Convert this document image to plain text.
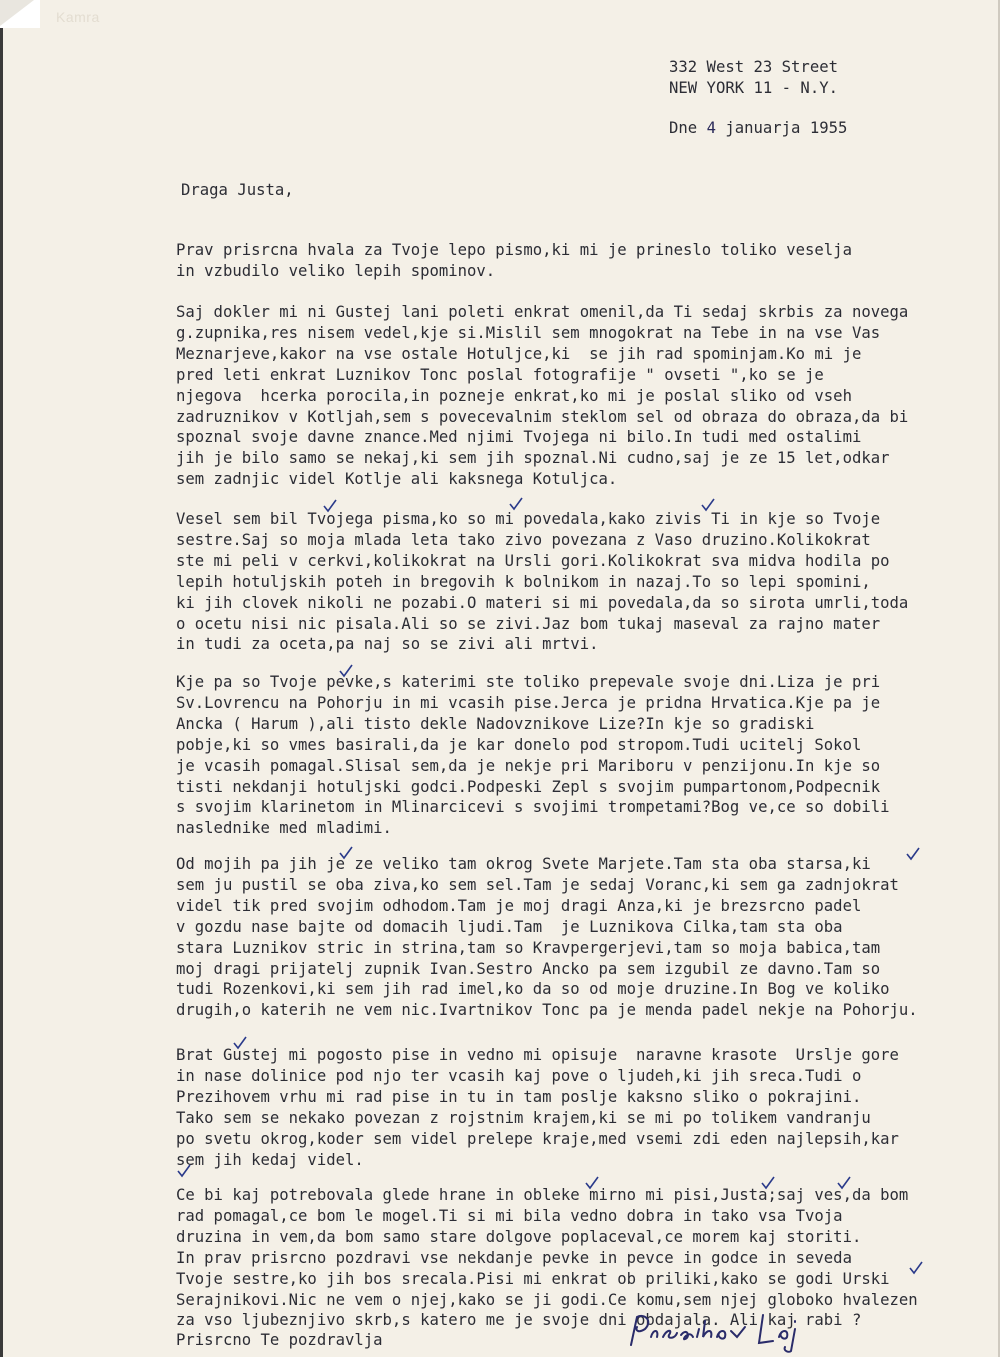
Kamra
332 West 23 Street
NEW YORK 11 - N.Y.
Dne 4 januarja 1955
Draga Justa,
Prav prisrcna hvala za Tvoje lepo pismo,ki mi je prineslo toliko veselja
in vzbudilo veliko lepih spominov.
Saj dokler mi ni Gustej lani poleti enkrat omenil,da Ti sedaj skrbis za novega
g.zupnika,res nisem vedel,kje si.Mislil sem mnogokrat na Tebe in na vse Vas
Meznarjeve,kakor na vse ostale Hotuljce,ki  se jih rad spominjam.Ko mi je
pred leti enkrat Luznikov Tonc poslal fotografije " ovseti ",ko se je
njegova  hcerka porocila,in pozneje enkrat,ko mi je poslal sliko od vseh
zadruznikov v Kotljah,sem s povecevalnim steklom sel od obraza do obraza,da bi
spoznal svoje davne znance.Med njimi Tvojega ni bilo.In tudi med ostalimi
jih je bilo samo se nekaj,ki sem jih spoznal.Ni cudno,saj je ze 15 let,odkar
sem zadnjic videl Kotlje ali kaksnega Kotuljca.
Vesel sem bil Tvojega pisma,ko so mi povedala,kako zivis Ti in kje so Tvoje
sestre.Saj so moja mlada leta tako zivo povezana z Vaso druzino.Kolikokrat
ste mi peli v cerkvi,kolikokrat na Ursli gori.Kolikokrat sva midva hodila po
lepih hotuljskih poteh in bregovih k bolnikom in nazaj.To so lepi spomini,
ki jih clovek nikoli ne pozabi.O materi si mi povedala,da so sirota umrli,toda
o ocetu nisi nic pisala.Ali so se zivi.Jaz bom tukaj maseval za rajno mater
in tudi za oceta,pa naj so se zivi ali mrtvi.
Kje pa so Tvoje pevke,s katerimi ste toliko prepevale svoje dni.Liza je pri
Sv.Lovrencu na Pohorju in mi vcasih pise.Jerca je pridna Hrvatica.Kje pa je
Ancka ( Harum ),ali tisto dekle Nadovznikove Lize?In kje so gradiski
pobje,ki so vmes basirali,da je kar donelo pod stropom.Tudi ucitelj Sokol
je vcasih pomagal.Slisal sem,da je nekje pri Mariboru v penzijonu.In kje so
tisti nekdanji hotuljski godci.Podpeski Zepl s svojim pumpartonom,Podpecnik
s svojim klarinetom in Mlinarcicevi s svojimi trompetami?Bog ve,ce so dobili
naslednike med mladimi.
Od mojih pa jih je ze veliko tam okrog Svete Marjete.Tam sta oba starsa,ki
sem ju pustil se oba ziva,ko sem sel.Tam je sedaj Voranc,ki sem ga zadnjokrat
videl tik pred svojim odhodom.Tam je moj dragi Anza,ki je brezsrcno padel
v gozdu nase bajte od domacih ljudi.Tam  je Luznikova Cilka,tam sta oba
stara Luznikov stric in strina,tam so Kravpergerjevi,tam so moja babica,tam
moj dragi prijatelj zupnik Ivan.Sestro Ancko pa sem izgubil ze davno.Tam so
tudi Rozenkovi,ki sem jih rad imel,ko da so od moje druzine.In Bog ve koliko
drugih,o katerih ne vem nic.Ivartnikov Tonc pa je menda padel nekje na Pohorju.
Brat Gustej mi pogosto pise in vedno mi opisuje  naravne krasote  Urslje gore
in nase dolinice pod njo ter vcasih kaj pove o ljudeh,ki jih sreca.Tudi o
Prezihovem vrhu mi rad pise in tu in tam poslje kaksno sliko o pokrajini.
Tako sem se nekako povezan z rojstnim krajem,ki se mi po tolikem vandranju
po svetu okrog,koder sem videl prelepe kraje,med vsemi zdi eden najlepsih,kar
sem jih kedaj videl.
Ce bi kaj potrebovala glede hrane in obleke mirno mi pisi,Justa;saj ves,da bom
rad pomagal,ce bom le mogel.Ti si mi bila vedno dobra in tako vsa Tvoja
druzina in vem,da bom samo stare dolgove poplaceval,ce morem kaj storiti.
In prav prisrcno pozdravi vse nekdanje pevke in pevce in godce in seveda
Tvoje sestre,ko jih bos srecala.Pisi mi enkrat ob priliki,kako se godi Urski
Serajnikovi.Nic ne vem o njej,kako se ji godi.Ce komu,sem njej globoko hvalezen
za vso ljubeznjivo skrb,s katero me je svoje dni obdajala. Ali kaj rabi ?
Prisrcno Te pozdravlja
